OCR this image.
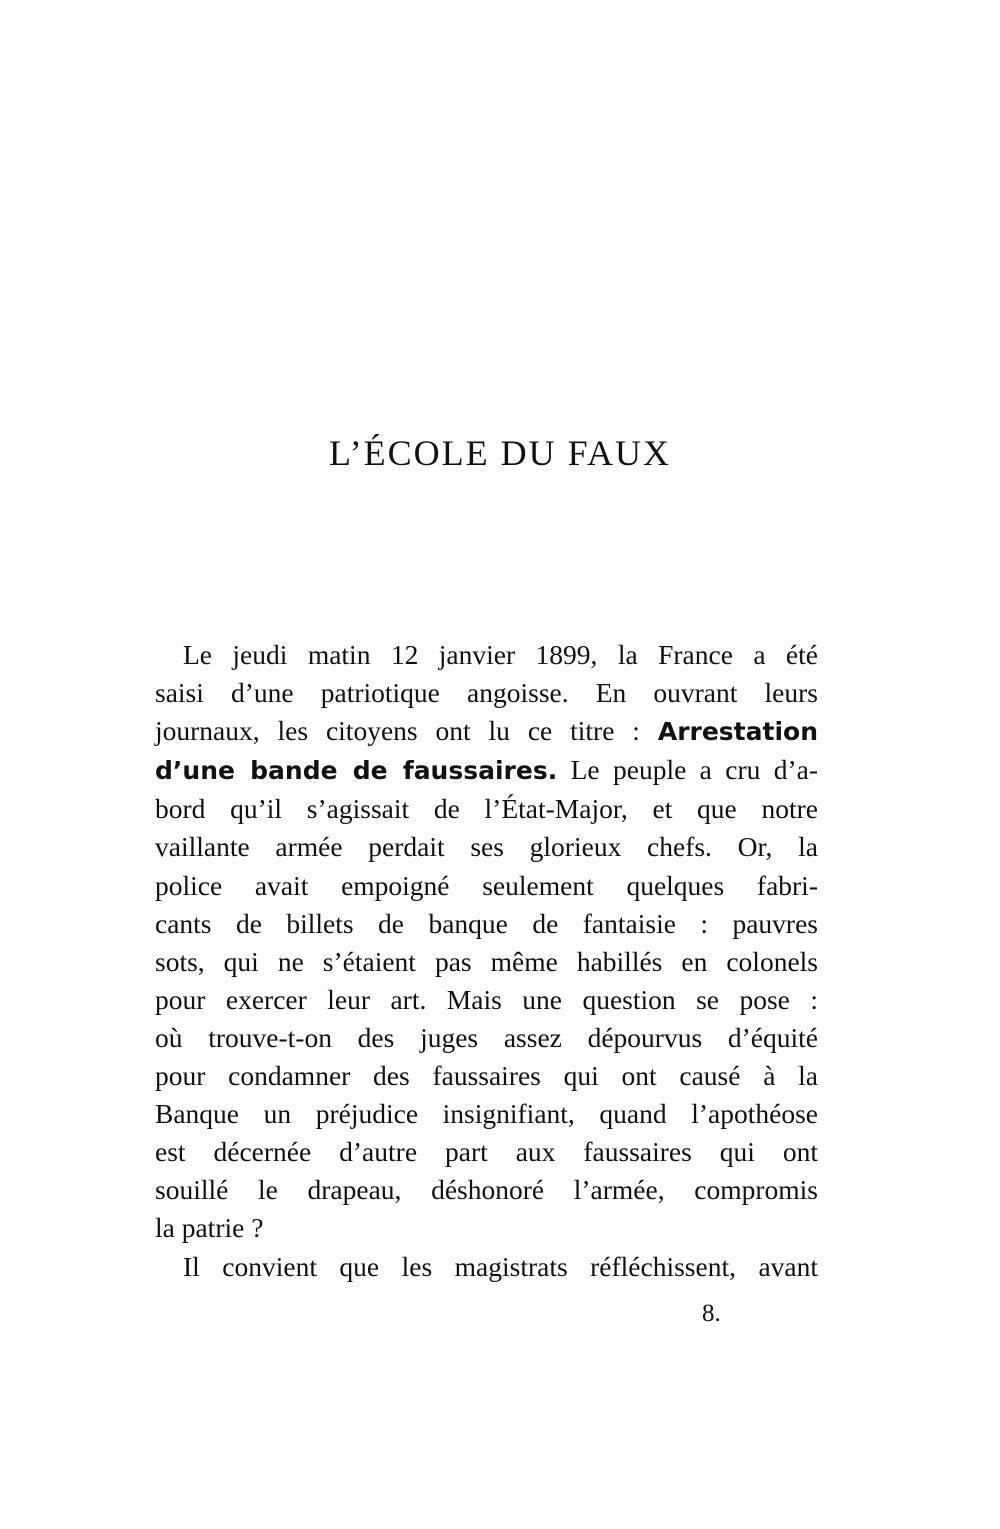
L’ÉCOLE DU FAUX
Le jeudi matin 12 janvier 1899, la France a été
saisi d’une patriotique angoisse. En ouvrant leurs
journaux, les citoyens ont lu ce titre : Arrestation
d’une bande de faussaires. Le peuple a cru d’a-
bord qu’il s’agissait de l’État-Major, et que notre
vaillante armée perdait ses glorieux chefs. Or, la
police avait empoigné seulement quelques fabri-
cants de billets de banque de fantaisie : pauvres
sots, qui ne s’étaient pas même habillés en colonels
pour exercer leur art. Mais une question se pose :
où trouve-t-on des juges assez dépourvus d’équité
pour condamner des faussaires qui ont causé à la
Banque un préjudice insignifiant, quand l’apothéose
est décernée d’autre part aux faussaires qui ont
souillé le drapeau, déshonoré l’armée, compromis
la patrie ?
Il convient que les magistrats réfléchissent, avant

8.
